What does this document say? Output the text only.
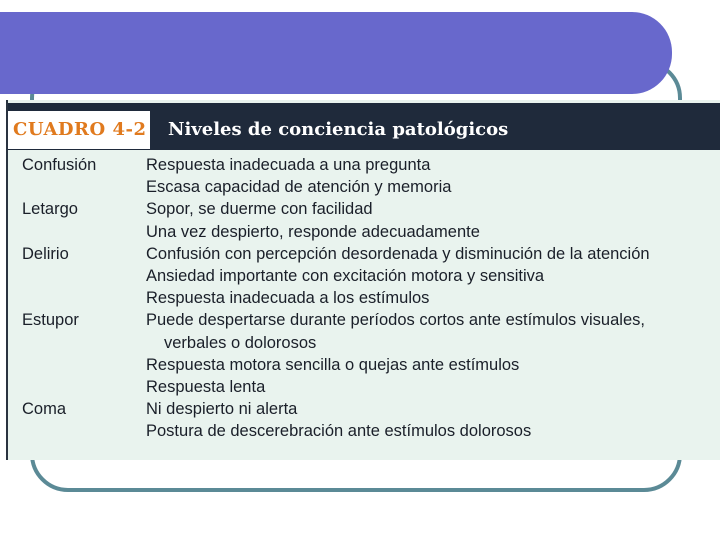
CUADRO 4-2 Niveles de conciencia patológicos
Confusión	Respuesta inadecuada a una pregunta
Escasa capacidad de atención y memoria
Letargo	Sopor, se duerme con facilidad
Una vez despierto, responde adecuadamente
Delirio	Confusión con percepción desordenada y disminución de la atención
Ansiedad importante con excitación motora y sensitiva
Respuesta inadecuada a los estímulos
Estupor	Puede despertarse durante períodos cortos ante estímulos visuales,
verbales o dolorosos
Respuesta motora sencilla o quejas ante estímulos
Respuesta lenta
Coma	Ni despierto ni alerta
Postura de descerebración ante estímulos dolorosos
